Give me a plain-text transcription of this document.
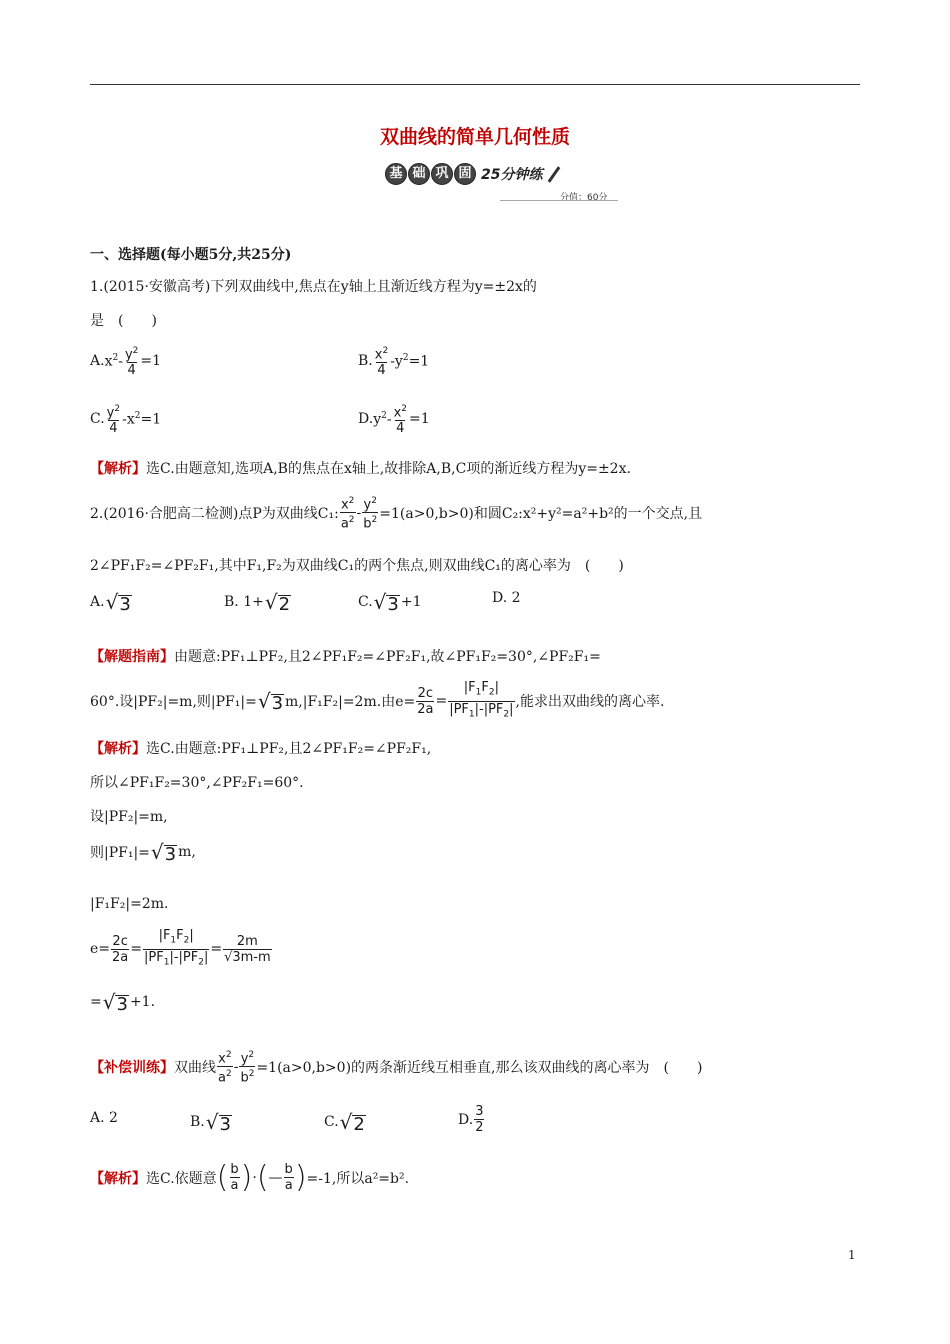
双曲线的简单几何性质
基 础 巩 固 25分钟练
分值：60分
一、选择题(每小题5分,共25分)
1.(2015·安徽高考)下列双曲线中,焦点在y轴上且渐近线方程为y=±2x的
是　(　　)
A. $x^2- \frac{y^2}{4} =1$	B. $x^2$
4
$-y^2=1$
C. $y^2$
4
$-x^2=1$	D. $y^2- \frac{x^2}{4} =1$
【解析】 选C.由题意知,选项A,B的焦点在x轴上,故排除A,B,C项的渐近线方程为y=±2x.
2.(2016·合肥高二检测)点P为双曲线C₁:
$x^2$
$a^2 - \frac{y^2}{b^2} =1(a>0,b>0)$和圆C₂:x²+y²=a²+b²的一个交点,且
2∠PF₁F₂=∠PF₂F₁,其中F₁,F₂为双曲线C₁的两个焦点,则双曲线C₁的离心率为　(　　)
A. √ 3	B. 1+ √ 2	C. √ 3 +1	D. 2
【解题指南】 由题意:PF₁⊥PF₂,且2∠PF₁F₂=∠PF₂F₁,故∠PF₁F₂=30°,∠PF₂F₁=
60°.设|PF₂|=m,则|PF₁|= √ 3 m,|F₁F₂|=2m.由$e= \frac{2c}{2a} = \frac{|F_1F_2|}{|PF_1|-|PF_2|}$ ,能求出双曲线的离心率.
【解析】 选C.由题意:PF₁⊥PF₂,且2∠PF₁F₂=∠PF₂F₁,
所以∠PF₁F₂=30°,∠PF₂F₁=60°.
设|PF₂|=m,
则|PF₁|= √ 3 m,
|F₁F₂|=2m.
$e= \frac{2c}{2a} = \frac{|F_1F_2|}{|PF_1|-|PF_2|} = \frac{2m}{√3m-m}$
= √ 3 +1.
【补偿训练】 双曲线
$x^2$
$a^2 - \frac{y^2}{b^2} =1(a>0,b>0)$的两条渐近线互相垂直,那么该双曲线的离心率为　(　　)
A. 2	B. √ 3	C. √ 2	D. 3
2
【解析】 选C.依题意 ( b
a ) · ( — b
a ) =-1,所以a²=b².
1
